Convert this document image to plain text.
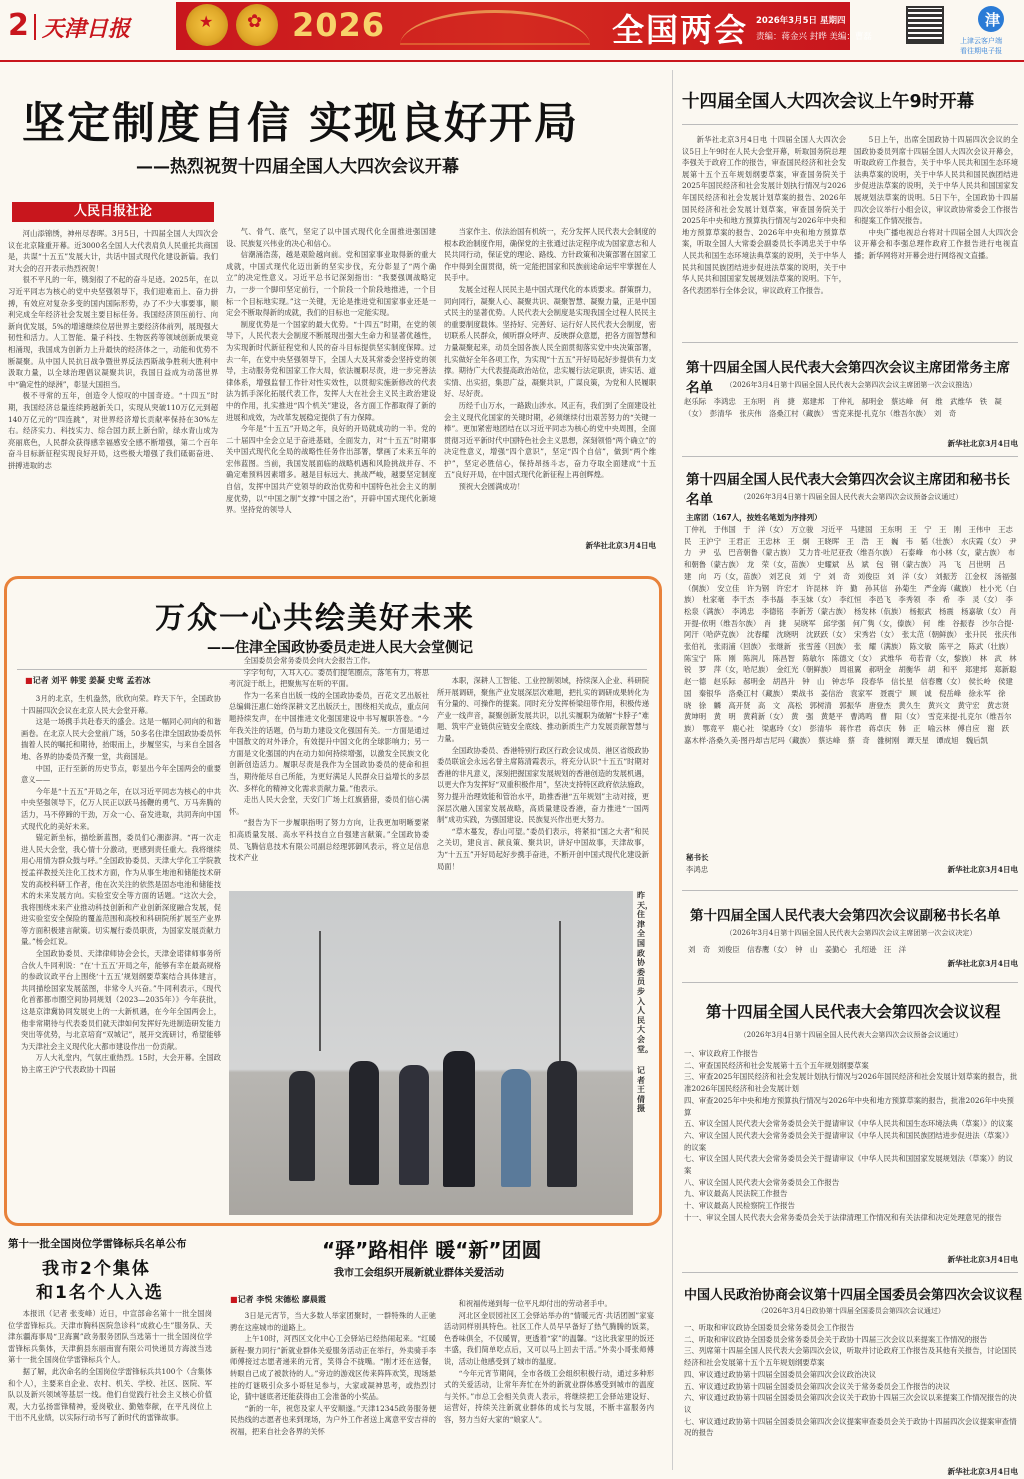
2 天津日报	★ ✿ 2026	全国两会 2026年3月5日 星期四
责编：蒋金兴 封晔 美编：曹磊
津
上津云客户端
看往期电子报
坚定制度自信 实现良好开局
——热烈祝贺十四届全国人大四次会议开幕
人民日报社论

河山添锦绣，神州尽春晖。3月5日，十四届全国人大四次会议在北京隆重开幕。近3000名全国人大代表肩负人民重托共商国是，共谋“十五五”发展大计，共话中国式现代化建设新篇。我们对大会的召开表示热烈祝贺！

很不平凡的一年，镌刻很了不起的奋斗足迹。2025年，在以习近平同志为核心的党中央坚强领导下，我们迎难而上、奋力拼搏，有效应对复杂多变的国内国际形势，办了不少大事要事，顺利完成全年经济社会发展主要目标任务。我国经济顶压前行、向新向优发展，5%的增速继续位居世界主要经济体前列，展现强大韧性和活力。人工智能、量子科技、生物医药等领域创新成果竞相涌现，我国成为创新力上升最快的经济体之一，动能和优势不断凝聚。从中国人民抗日战争暨世界反法西斯战争胜利大胜利中汲取力量，以全球治理倡议凝聚共识，我国日益成为动荡世界中“确定性的绿洲”，彰显大国担当。

极不寻常的五年，创造令人惊叹的中国奇迹。“十四五”时期，我国经济总量连续跨越新关口，实现从突破110万亿元到超140万亿元的“四连跳”，对世界经济增长贡献率保持在30%左右。经济实力、科技实力、综合国力跃上新台阶，绿水青山成为亮丽底色，人民群众获得感幸福感安全感不断增强，第二个百年奋斗目标新征程实现良好开局，这些极大增强了我们砥砺奋进、拼搏进取的志

气、骨气、底气，坚定了以中国式现代化全面推进强国建设、民族复兴伟业的决心和信心。

信潮涌浩荡，越是艰险越向前。党和国家事业取得新的重大成就，中国式现代化迈出新的坚实步伐，充分彰显了“两个确立”的决定性意义。习近平总书记深刻指出：“我要强调战略定力，一步一个脚印坚定前行，一个阶段一个阶段地推进，一个目标一个目标地实现。”这一关键，无论是推进党和国家事业还是一定会不断取得新的成就，我们的目标也一定能实现。

制度优势是一个国家的最大优势。“十四五”时期，在党的领导下，人民代表大会制度不断展现出强大生命力和显著优越性，为实现新时代新征程党和人民的奋斗目标提供坚实制度保障。过去一年，在党中央坚强领导下，全国人大及其常委会坚持党的领导，主动服务党和国家工作大局，依法履职尽责，进一步完善法律体系，增强监督工作针对性实效性，以贯彻实施新修改的代表法为抓手深化拓展代表工作，发挥人大在社会主义民主政治建设中的作用，扎实推进“四个机关”建设，各方面工作都取得了新的进展和成效，为改革发展稳定提供了有力保障。

今年是“十五五”开局之年，良好的开局就成功的一半。党的二十届四中全会立足于奋进基础，全面发力，对“十五五”时期事关中国式现代化全局的战略性任务作出部署，擘画了未来五年的宏伟蓝图。当前，我国发展面临的战略机遇和风险挑战并存、不确定难预料因素增多。越是目标远大、挑战严峻，越要坚定制度自信，发挥中国共产党领导的政治优势和中国特色社会主义的制度优势，以“中国之制”支撑“中国之治”，开辟中国式现代化新境界。坚持党的领导人

当家作主、依法治国有机统一，充分发挥人民代表大会制度的根本政治制度作用，确保党的主张通过法定程序成为国家意志和人民共同行动，保证党的理论、路线、方针政策和决策部署在国家工作中得到全面贯彻，统一定能把国家和民族前途命运牢牢掌握在人民手中。

发展全过程人民民主是中国式现代化的本质要求。群策群力，同向同行，凝聚人心、凝聚共识、凝聚智慧、凝聚力量，正是中国式民主的显著优势。人民代表大会制度是实现我国全过程人民民主的重要制度载体。坚持好、完善好、运行好人民代表大会制度，密切联系人民群众，倾听群众呼声、反映群众意愿，把各方面智慧和力量凝聚起来，动员全国各族人民全面贯彻落实党中央决策部署，扎实做好全年各项工作，为实现“十五五”开好局起好步提供有力支撑。期待广大代表提高政治站位，忠实履行法定职责，讲实话、道实情、出实招，集思广益，凝聚共识，广谋良策，为党和人民履职好、尽好责。

历经千山万水，一路跋山涉水。风正有，我们到了全面建设社会主义现代化国家的关键时期，必须继续付出艰苦努力的“关键一棒”。更加紧密地团结在以习近平同志为核心的党中央周围，全面贯彻习近平新时代中国特色社会主义思想，深刻领悟“两个确立”的决定性意义，增强“四个意识”，坚定“四个自信”，做到“两个维护”，坚定必胜信心，保持昂扬斗志，奋力夺取全面建成“十五五”良好开局，在中国式现代化新征程上再创辉煌。

预祝大会圆满成功！

新华社北京3月4日电
万众一心共绘美好未来
——住津全国政协委员走进人民大会堂侧记
■记者 刘平 韩雯 姜凝 史莺 孟若冰

3月的北京，生机盎然，欣欣向荣。昨天下午，全国政协十四届四次会议在北京人民大会堂开幕。

这是一场携手共赴春天的盛会。这是一幅同心同向的和谐画卷。在北京人民大会堂前广场，50多名住津全国政协委员怀揣着人民的嘱托和期待，抬眼而上，步履坚实，与来自全国各地、各界的协委员齐聚一堂，共商国是。

中国，正行至新的历史节点，彰显出今年全国两会的重要意义——

今年是“十五五”开局之年，在以习近平同志为核心的中共中央坚强领导下，亿万人民正以跃马扬鞭的勇气、万马奔腾的活力，马不停蹄的干劲，万众一心、奋发进取，共同奔向中国式现代化的美好未来。

锚定新坐标，描绘新蓝图，委员们心潮澎湃。“再一次走进人民大会堂，我心情十分激动，更感到责任重大。我将继续用心用情为群众鼓与呼。”全国政协委员、天津大学化工学院教授孟祥教授关注化工技术方面，作为从事生地池和储能技术研发的高校科研工作者，他在次关注的依然是固态电池和储能技术的未来发展方向。实验室安全等方面的话题。“这次大会，我将围绕未来产业推动科技创新和产业创新深度融合发展，促进实验室安全保险的覆盖范围和高校和科研院所扩展至产业界等方面积极建言献策。切实履行委员职责，为国家发展贡献力量。”杨会红说。

全国政协委员、天津律师协会会长，天津金诺律师事务所合伙人牛同利说：“在‘十五五’开局之年，能够有幸在最高规格的参政议政平台上围绕‘十五五’规划纲要草案结合具体建言，共同描绘国家发展蓝图，非常令人兴奋。”牛同利表示，《现代化首都都市圈空间协同规划（2023—2035年）》今年获批，这是京津冀协同发展史上的一大新机遇，在今年全国两会上，他非常期待与代表委员们就天津如何发挥好先进制造研发能力突出等优势，与北京培育“双城记”，展开交流研讨，希望能够为天津社会主义现代化大都市建设作出一份贡献。

万人大礼堂内，气氛庄重热烈。15时，大会开幕。全国政协主席王沪宁代表政协十四届

全国委员会常务委员会向大会报告工作。

字字句句，入耳入心。委员们提笔圈点，落笔有力，将思考沉淀于纸上，把聚焦写在听的平面。

作为一名来自出版一线的全国政协委员，百花文艺出版社总编辑汪惠仁始终深耕文艺出版沃土，围绕相关成点，重点问题持续发声，在中国推进文化强国建设中书写履职答卷。“今年我关注的话题，仍与助力建设文化强国有关。一方面是通过中国散文的对外译介，有效提升中国文化的全球影响力；另一方面是文化强国的内在动力如何持续增强，以激发全民族文化创新创造活力。履职尽责是我作为全国政协委员的使命和担当，期待能尽自己所能，为更好满足人民群众日益增长的多层次、多样化的精神文化需求贡献力量。”他表示。

走出人民大会堂，天安门广场上红旗猎猎，委员们信心满怀。

“报告为下一步履职指明了努力方向，让我更加明晰要紧扣高质量发展、高水平科技自立自强建言献策。”全国政协委员、飞腾信息技术有限公司副总经理郭御风表示，将立足信息技术产业

本职，深耕人工智能、工业控制领域，持续深入企业、科研院所开展调研，聚焦产业发展深层次难题，把扎实的调研成果转化为有分量的、可操作的提案。同时充分发挥桥梁纽带作用，积极传递产业一线声音，凝聚创新发展共识，以扎实履职为破解“卡脖子”难题、筑牢产业链供应链安全底线、推动新质生产力发展贡献智慧与力量。

全国政协委员、香港特别行政区行政会议成员、港区省级政协委员联谊会永远名誉主席陈清霞表示，将充分认识“十五五”时期对香港的非凡意义，深刻把握国家发展规划的香港创造的发展机遇，以更大作为发挥好“双重积极作用”，坚决支持特区政府依法施政，努力提升治理效能和管治水平，助推香港“五年规划”主动对接，更深层次融入国家发展战略，高质量建设香港，奋力推进“一国两制”成功实践，为强国建设、民族复兴作出更大努力。

“草木蔓发，春山可望。”委员们表示，将紧扣“国之大者”和民之关切，建良言、献良策、聚共识，讲好中国故事，天津故事，为“十五五”开好局起好步携手奋进，不断开创中国式现代化建设新局面！

昨天，住津全国政协委员步入人民大会堂。
记者 王倩 摄
第十一批全国岗位学雷锋标兵名单公布
我市2个集体
和1名个人入选

本报讯（记者 张变峰）近日，中宣部命名第十一批全国岗位学雷锋标兵。天津市胸科医院急诊科“成救心生”服务队、天津东疆海事局“卫海翼”政务服务团队当选第十一批全国岗位学雷锋标兵集体，天津蓟县东丽南窗有限公司快递员方海波当选第十一批全国岗位学雷锋标兵个人。

据了解，此次命名的全国岗位学雷锋标兵共100个（含集体和个人），主要来自企业、农村、机关、学校、社区、医院、军队以及新兴领域等基层一线。他们自觉践行社会主义核心价值观，大力弘扬雷锋精神，爱岗敬业、勤勉奉献，在平凡岗位上干出不凡业绩，以实际行动书写了新时代的雷锋故事。

“驿”路相伴 暖“新”团圆
我市工会组织开展新就业群体关爱活动
■记者 李悦 宋德松 廖晨霞

3日是元宵节，当大多数人举家团聚时，一群特殊的人正驰骋在这座城市的道路上。

上午10时，河西区文化中心工会驿站已经热闹起来。“红暖新程·聚力同行”新就业群体关爱服务活动正在举行，外卖骑手李师傅接过志愿者递来的元宵，笑得合不拢嘴。“刚才还在送餐，转眼自己成了被款待的人。”旁边的游戏区传来阵阵欢笑，现场悬挂的灯谜吸引众多小哥驻足参与，大家或凝神思考，或热烈讨论，猜中谜底者还能获得由工会准备的小奖品。

“新的一年，祝您及家人平安顺遂。”天津12345政务服务便民热线的志愿者也来到现场，为户外工作者送上寓意平安吉祥的祝福，把来自社会各界的关怀

和祝福传递到每一位平凡却付出的劳动者手中。

河北区金辰园社区工会驿站举办的“情暖元宵·共话团圆”家宴活动同样别具特色。社区工作人员早早备好了热气腾腾的饭菜，色香味俱全，不仅暖胃，更透着“家”的温馨。“这比我家里的饭还丰盛，我们简单吃点后，又可以马上回去干活。”外卖小哥张师傅说，活动让他感受到了城市的温度。

“今年元宵节期间，全市各级工会组织积极行动，通过多种形式的关爱活动，让常年奔忙在外的新就业群体感受到城市的温度与关怀。”市总工会相关负责人表示，将继续把工会驿站建设好、运营好，持续关注新就业群体的成长与发展，不断丰富服务内容，努力当好大家的“娘家人”。

十四届全国人大四次会议上午9时开幕

新华社北京3月4日电 十四届全国人大四次会议5日上午9时在人民大会堂开幕，听取国务院总理李强关于政府工作的报告，审查国民经济和社会发展第十五个五年规划纲要草案，审查国务院关于2025年国民经济和社会发展计划执行情况与2026年国民经济和社会发展计划草案的报告、2026年国民经济和社会发展计划草案，审查国务院关于2025年中央和地方预算执行情况与2026年中央和地方预算草案的报告、2026年中央和地方预算草案，听取全国人大常委会副委员长李鸿忠关于中华人民共和国生态环境法典草案的说明，关于中华人民共和国民族团结进步促进法草案的说明，关于中华人民共和国国家发展规划法草案的说明。下午，各代表团举行全体会议，审议政府工作报告。

5日上午，出席全国政协十四届四次会议的全国政协委员列席十四届全国人大四次会议开幕会，听取政府工作报告，关于中华人民共和国生态环境法典草案的说明，关于中华人民共和国民族团结进步促进法草案的说明，关于中华人民共和国国家发展规划法草案的说明。5日下午，全国政协十四届四次会议举行小组会议，审议政协常委会工作报告和提案工作情况报告。

中央广播电视总台将对十四届全国人大四次会议开幕会和李强总理作政府工作报告进行电视直播；新华网将对开幕会进行网络视文直播。

第十四届全国人民代表大会第四次会议主席团常务主席名单	（2026年3月4日第十四届全国人民代表大会第四次会议主席团第一次会议推选）
赵乐际　李鸿忠　王东明　肖　捷　郑建邦　丁仲礼　郝明金　蔡达峰　何　维　武维华　铁　凝（女）　彭清华　张庆伟　洛桑江村（藏族）　雪克来提·扎克尔（维吾尔族）　刘　奇
新华社北京3月4日电
第十四届全国人民代表大会第四次会议主席团和秘书长名单	（2026年3月4日第十四届全国人民代表大会第四次会议预备会议通过）
主席团（167人，按姓名笔划为序排列）
丁仲礼　于伟国　于　洋（女）　万立骏　习近平　马建国　王东明　王　宁　王　刚　王伟中　王志民　王沪宁　王君正　王忠林　王　炯　王晓晖　王　浩　王　巍　韦　韬（壮族）　水庆霞（女）　尹　力　尹　弘　巴音朝鲁（蒙古族）　艾力肯·吐尼亚孜（维吾尔族）　石泰峰　布小林（女，蒙古族）　布和朝鲁（蒙古族）　龙　荣（女，苗族）　史耀斌　丛　斌　包　钢（蒙古族）　冯　飞　吕世明　吕　建　向　巧（女，苗族）　刘艺良　刘　宁　刘　奇　刘俊臣　刘　洋（女）　刘振芳　江金权　汤福强（侗族）　安立佳　许为钢　许宏才　许昆林　许　勤　孙其信　孙菊生　严金海（藏族）　杜小光（白族）　杜家毫　李干杰　李书磊　李玉妹（女）　李红恒　李邑飞　李秀领　李　希　李　灵（女）　李松泉（满族）　李鸿忠　李德铭　李新芳（蒙古族）　杨发林（佤族）　杨振武　杨震　杨嘉敏（女）　肖开提·依明（维吾尔族）　肖　捷　吴晓军　邱学强　何广隽（女，傣族）　何　维　谷振春　沙尔合提·阿汗（哈萨克族）　沈春耀　沈晓明　沈跃跃（女）　宋秀岩（女）　张太范（朝鲜族）　张升民　张庆伟　张伯礼　张雨浦（回族）　张继新　张雪莲（回族）　张　耀（满族）　陈文敏　陈平之　陈武（壮族）　陈宝宁　陈　刚　陈润儿　陈昌智　陈敏尔　陈德文（女）　武维华　苟若青（女，黎族）　林　武　林　锐　罗　萍（女，哈尼族）　金红光（朝鲜族）　周祖翼　郝明金　胡衡华　胡　和平　郑建邦　郑新聪　赵一德　赵乐际　郝明金　胡昌升　钟　山　钟志华　段春华　信长星　信春鹰（女）　侯长岭　侯建国　秦银华　洛桑江村（藏族）　栗战书　姜信治　袁家军　聂震宁　顾　诚　倪岳峰　徐永军　徐　晓　徐　麟　高开贤　高　文　高松　郭树清　郭振华　唐登杰　黄久生　黄兴文　黄守宏　黄志贤　黄坤明　黄　明　黄莉新（女）　黄　强　黄楚平　曹鸿鸣　曹　阳（女）　雪克来提·扎克尔（维吾尔族）　鄂竟平　鹿心社　梁惠玲（女）　彭清华　蒋作君　蒋卓庆　韩　正　喻云林　傅自应　谢　跃　嘉木样·洛桑久美·图丹却吉尼玛（藏族）　蔡达峰　蔡　奇　雒树刚　谭天星　谭成旭　魏后凯
秘书长
李鸿忠	新华社北京3月4日电
第十四届全国人民代表大会第四次会议副秘书长名单
（2026年3月4日第十四届全国人民代表大会第四次会议主席团第一次会议决定）
刘　奇　刘俊臣　信春鹰（女）　钟　山　姜勤心　孔绍逊　汪　洋
新华社北京3月4日电
第十四届全国人民代表大会第四次会议议程
（2026年3月4日第十四届全国人民代表大会第四次会议预备会议通过）
一、审议政府工作报告
二、审查国民经济和社会发展第十五个五年规划纲要草案
三、审查2025年国民经济和社会发展计划执行情况与2026年国民经济和社会发展计划草案的报告，批准2026年国民经济和社会发展计划
四、审查2025年中央和地方预算执行情况与2026年中央和地方预算草案的报告，批准2026年中央预算
五、审议全国人民代表大会常务委员会关于提请审议《中华人民共和国生态环境法典（草案）》的议案
六、审议全国人民代表大会常务委员会关于提请审议《中华人民共和国民族团结进步促进法（草案）》的议案
七、审议全国人民代表大会常务委员会关于提请审议《中华人民共和国国家发展规划法（草案）》的议案
八、审议全国人民代表大会常务委员会工作报告
九、审议最高人民法院工作报告
十、审议最高人民检察院工作报告
十一、审议全国人民代表大会常务委员会关于法律清理工作情况和有关法律和决定处理意见的报告
新华社北京3月4日电
中国人民政治协商会议第十四届全国委员会第四次会议议程
（2026年3月4日政协第十四届全国委员会第四次会议通过）
一、听取和审议政协全国委员会常务委员会工作报告
二、听取和审议政协全国委员会常务委员会关于政协十四届三次会议以来提案工作情况的报告
三、列席第十四届全国人民代表大会第四次会议，听取并讨论政府工作报告及其他有关报告，讨论国民经济和社会发展第十五个五年规划纲要草案
四、审议通过政协第十四届全国委员会第四次会议政治决议
五、审议通过政协第十四届全国委员会第四次会议关于常务委员会工作报告的决议
六、审议通过政协第十四届全国委员会第四次会议关于政协十四届三次会议以来提案工作情况报告的决议
七、审议通过政协第十四届全国委员会第四次会议提案审查委员会关于政协十四届四次会议提案审查情况的报告
新华社北京3月4日电
